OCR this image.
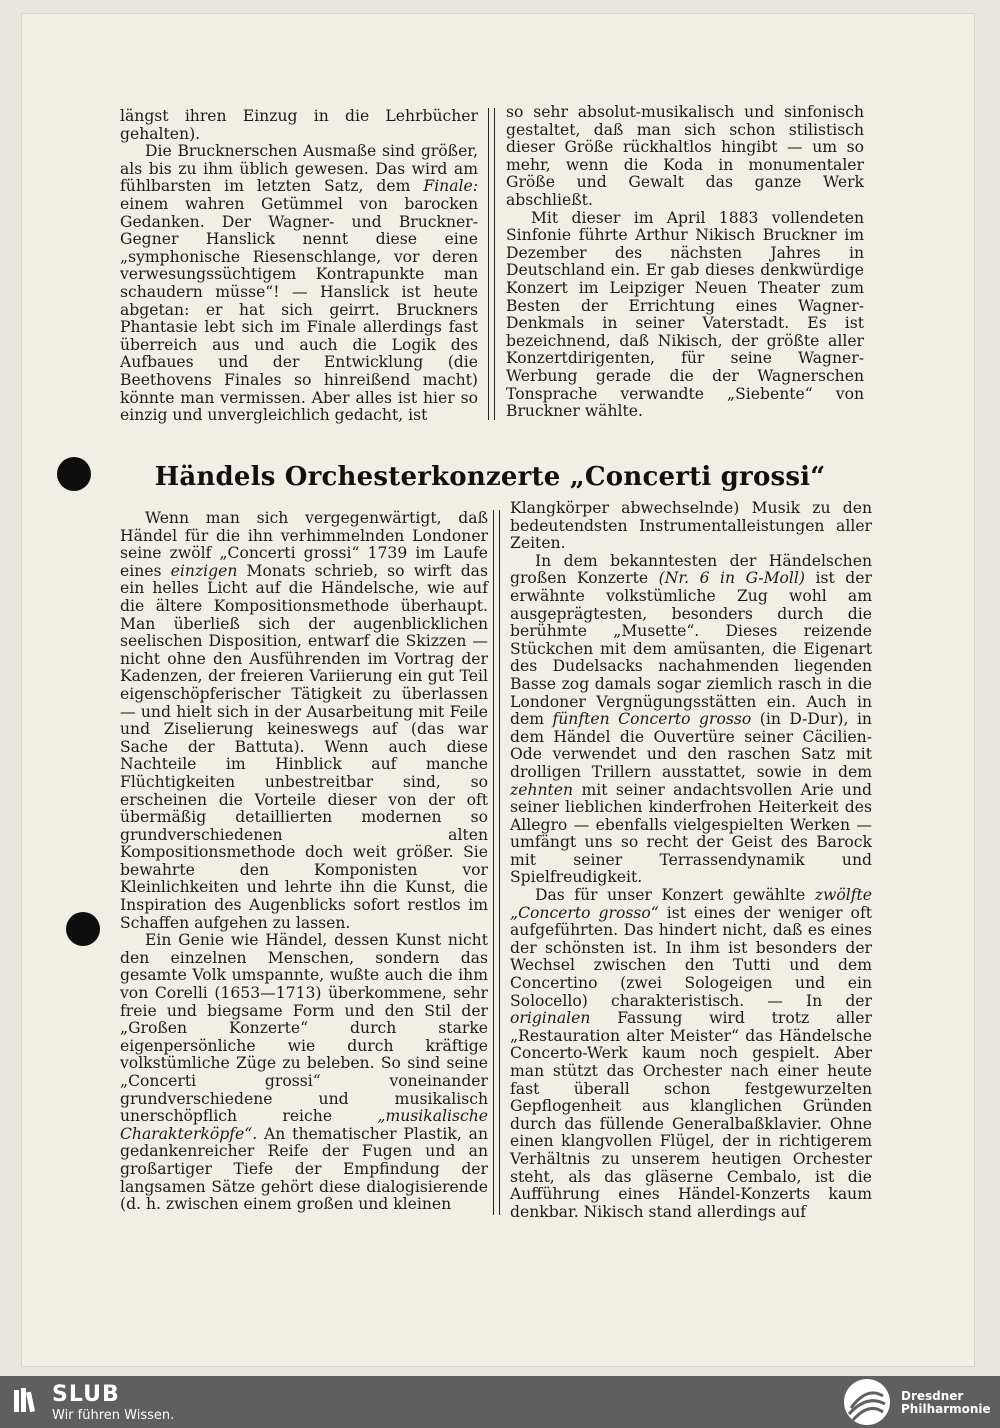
längst ihren Einzug in die Lehrbücher gehalten).

Die Brucknerschen Ausmaße sind größer, als bis zu ihm üblich gewesen. Das wird am fühlbarsten im letzten Satz, dem Finale: einem wahren Getümmel von barocken Gedanken. Der Wagner- und Bruckner-Gegner Hanslick nennt diese eine „symphonische Riesenschlange, vor deren verwesungssüchtigem Kontrapunkte man schaudern müsse“! — Hanslick ist heute abgetan: er hat sich geirrt. Bruckners Phantasie lebt sich im Finale allerdings fast überreich aus und auch die Logik des Aufbaues und der Entwicklung (die Beethovens Finales so hinreißend macht) könnte man vermissen. Aber alles ist hier so einzig und unvergleichlich gedacht, ist

so sehr absolut-musikalisch und sinfonisch gestaltet, daß man sich schon stilistisch dieser Größe rückhaltlos hingibt — um so mehr, wenn die Koda in monumentaler Größe und Gewalt das ganze Werk abschließt.

Mit dieser im April 1883 vollendeten Sinfonie führte Arthur Nikisch Bruckner im Dezember des nächsten Jahres in Deutschland ein. Er gab dieses denkwürdige Konzert im Leipziger Neuen Theater zum Besten der Errichtung eines Wagner-Denkmals in seiner Vaterstadt. Es ist bezeichnend, daß Nikisch, der größte aller Konzertdirigenten, für seine Wagner-Werbung gerade die der Wagnerschen Tonsprache verwandte „Siebente“ von Bruckner wählte.

Händels Orchesterkonzerte „Concerti grossi“

Wenn man sich vergegenwärtigt, daß Händel für die ihn verhimmelnden Londoner seine zwölf „Concerti grossi“ 1739 im Laufe eines einzigen Monats schrieb, so wirft das ein helles Licht auf die Händelsche, wie auf die ältere Kompositionsmethode überhaupt. Man überließ sich der augenblicklichen seelischen Disposition, entwarf die Skizzen — nicht ohne den Ausführenden im Vortrag der Kadenzen, der freieren Variierung ein gut Teil eigenschöpferischer Tätigkeit zu überlassen — und hielt sich in der Ausarbeitung mit Feile und Ziselierung keineswegs auf (das war Sache der Battuta). Wenn auch diese Nachteile im Hinblick auf manche Flüchtigkeiten unbestreitbar sind, so erscheinen die Vorteile dieser von der oft übermäßig detaillierten modernen so grundverschiedenen alten Kompositionsmethode doch weit größer. Sie bewahrte den Komponisten vor Kleinlichkeiten und lehrte ihn die Kunst, die Inspiration des Augenblicks sofort restlos im Schaffen aufgehen zu lassen.

Ein Genie wie Händel, dessen Kunst nicht den einzelnen Menschen, sondern das gesamte Volk umspannte, wußte auch die ihm von Corelli (1653—1713) überkommene, sehr freie und biegsame Form und den Stil der „Großen Konzerte“ durch starke eigenpersönliche wie durch kräftige volkstümliche Züge zu beleben. So sind seine „Concerti grossi“ voneinander grundverschiedene und musikalisch unerschöpflich reiche	„musikalische Charakterköpfe“. An thematischer Plastik, an gedankenreicher Reife der Fugen und an großartiger Tiefe der Empfindung der langsamen Sätze gehört diese dialogisierende (d. h. zwischen einem großen und kleinen

Klangkörper abwechselnde) Musik zu den bedeutendsten Instrumentalleistungen aller Zeiten.

In dem bekanntesten der Händelschen großen Konzerte (Nr. 6 in G-Moll) ist der erwähnte volkstümliche Zug wohl am ausgeprägtesten, besonders durch die berühmte „Musette“. Dieses reizende Stückchen mit dem amüsanten, die Eigenart des Dudelsacks nachahmenden liegenden Basse zog damals sogar ziemlich rasch in die Londoner Vergnügungsstätten ein. Auch in dem fünften Concerto grosso (in D-Dur), in dem Händel die Ouvertüre seiner Cäcilien-Ode verwendet und den raschen Satz mit drolligen Trillern ausstattet, sowie in dem zehnten mit seiner andachtsvollen Arie und seiner lieblichen kinderfrohen Heiterkeit des Allegro — ebenfalls vielgespielten Werken — umfängt uns so recht der Geist des Barock mit seiner Terrassendynamik und Spielfreudigkeit.

Das für unser Konzert gewählte zwölfte „Concerto grosso“ ist eines der weniger oft aufgeführten. Das hindert nicht, daß es eines der schönsten ist. In ihm ist besonders der Wechsel zwischen den Tutti und dem Concertino (zwei Sologeigen und ein Solocello) charakteristisch. — In der originalen Fassung wird trotz aller „Restauration alter Meister“ das Händelsche Concerto-Werk kaum noch gespielt. Aber man stützt das Orchester nach einer heute fast überall schon festgewurzelten Gepflogenheit aus klanglichen Gründen durch das füllende Generalbaßklavier. Ohne einen klangvollen Flügel, der in richtigerem Verhältnis zu unserem heutigen Orchester steht, als das gläserne Cembalo, ist die Aufführung eines Händel-Konzerts kaum denkbar. Nikisch stand allerdings auf

SLUB
Wir führen Wissen.
Dresdner
Philharmonie
